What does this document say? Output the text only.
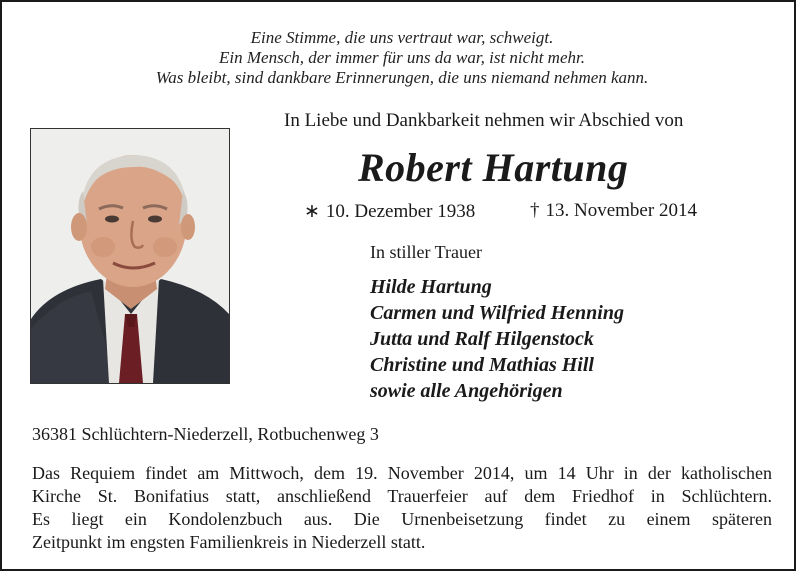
Eine Stimme, die uns vertraut war, schweigt.
Ein Mensch, der immer für uns da war, ist nicht mehr.
Was bleibt, sind dankbare Erinnerungen, die uns niemand nehmen kann.
In Liebe und Dankbarkeit nehmen wir Abschied von
Robert Hartung
∗ 10. Dezember 1938	† 13. November 2014
In stiller Trauer
Hilde Hartung
Carmen und Wilfried Henning
Jutta und Ralf Hilgenstock
Christine und Mathias Hill
sowie alle Angehörigen
36381 Schlüchtern-Niederzell, Rotbuchenweg 3
Das Requiem findet am Mittwoch, dem 19. November 2014, um 14 Uhr in der katholischen
Kirche St. Bonifatius statt, anschließend Trauerfeier auf dem Friedhof in Schlüchtern.
Es liegt ein Kondolenzbuch aus. Die Urnenbeisetzung findet zu einem späteren
Zeitpunkt im engsten Familienkreis in Niederzell statt.
